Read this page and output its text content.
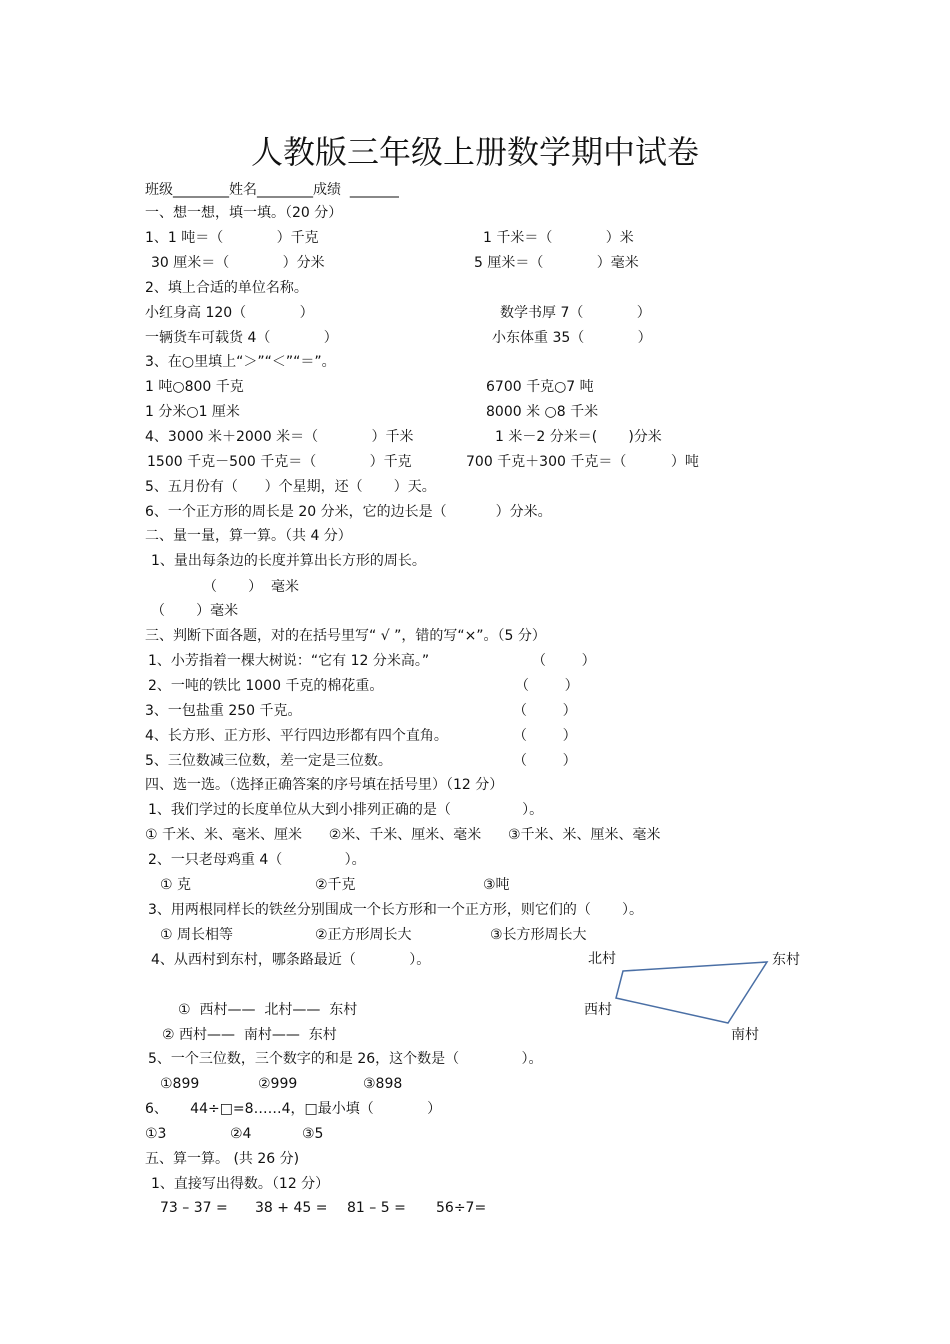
人教版三年级上册数学期中试卷
班级________姓名________成绩  _______
一、想一想，填一填。（20 分）
1、1 吨＝（            ）千克	1 千米＝（            ）米
30 厘米＝（            ）分米	5 厘米＝（            ）毫米
2、填上合适的单位名称。
小红身高 120（            ）	数学书厚 7（            ）
一辆货车可载货 4（            ）	小东体重 35（            ）
3、在○里填上“＞”“＜”“＝”。
1 吨○800 千克	6700 千克○7 吨
1 分米○1 厘米	8000 米 ○8 千米
4、3000 米＋2000 米＝（            ）千米	1 米－2 分米＝(       )分米
1500 千克－500 千克＝（            ）千克	700 千克＋300 千克＝（          ）吨
5、五月份有（      ）个星期，还（       ）天。
6、一个正方形的周长是 20 分米，它的边长是（           ）分米。
二、量一量，算一算。（共 4 分）
1、量出每条边的长度并算出长方形的周长。
（       ）  毫米
（       ）毫米
三、判断下面各题，对的在括号里写“ √ ”，错的写“×”。（5 分）
1、小芳指着一棵大树说：“它有 12 分米高。”	（        ）
2、一吨的铁比 1000 千克的棉花重。	（        ）
3、一包盐重 250 千克。	（        ）
4、长方形、正方形、平行四边形都有四个直角。	（        ）
5、三位数减三位数，差一定是三位数。	（        ）
四、选一选。（选择正确答案的序号填在括号里）（12 分）
1、我们学过的长度单位从大到小排列正确的是（                ）。
① 千米、米、毫米、厘米      ②米、千米、厘米、毫米      ③千米、米、厘米、毫米
2、一只老母鸡重 4（              ）。
① 克	②千克	③吨
3、用两根同样长的铁丝分别围成一个长方形和一个正方形，则它们的（       ）。
① 周长相等	②正方形周长大	③长方形周长大
4、从西村到东村，哪条路最近（            ）。	北村	东村
西村
南村
①  西村——  北村——  东村
② 西村——  南村——  东村
5、一个三位数，三个数字的和是 26，这个数是（              ）。
①899	②999	③898
6、     44÷□=8……4，□最小填（            ）
①3	②4	③5
五、算一算。 (共 26 分)
1、直接写出得数。（12 分）
73 – 37 = 38 + 45 = 81 – 5 = 56÷7=
